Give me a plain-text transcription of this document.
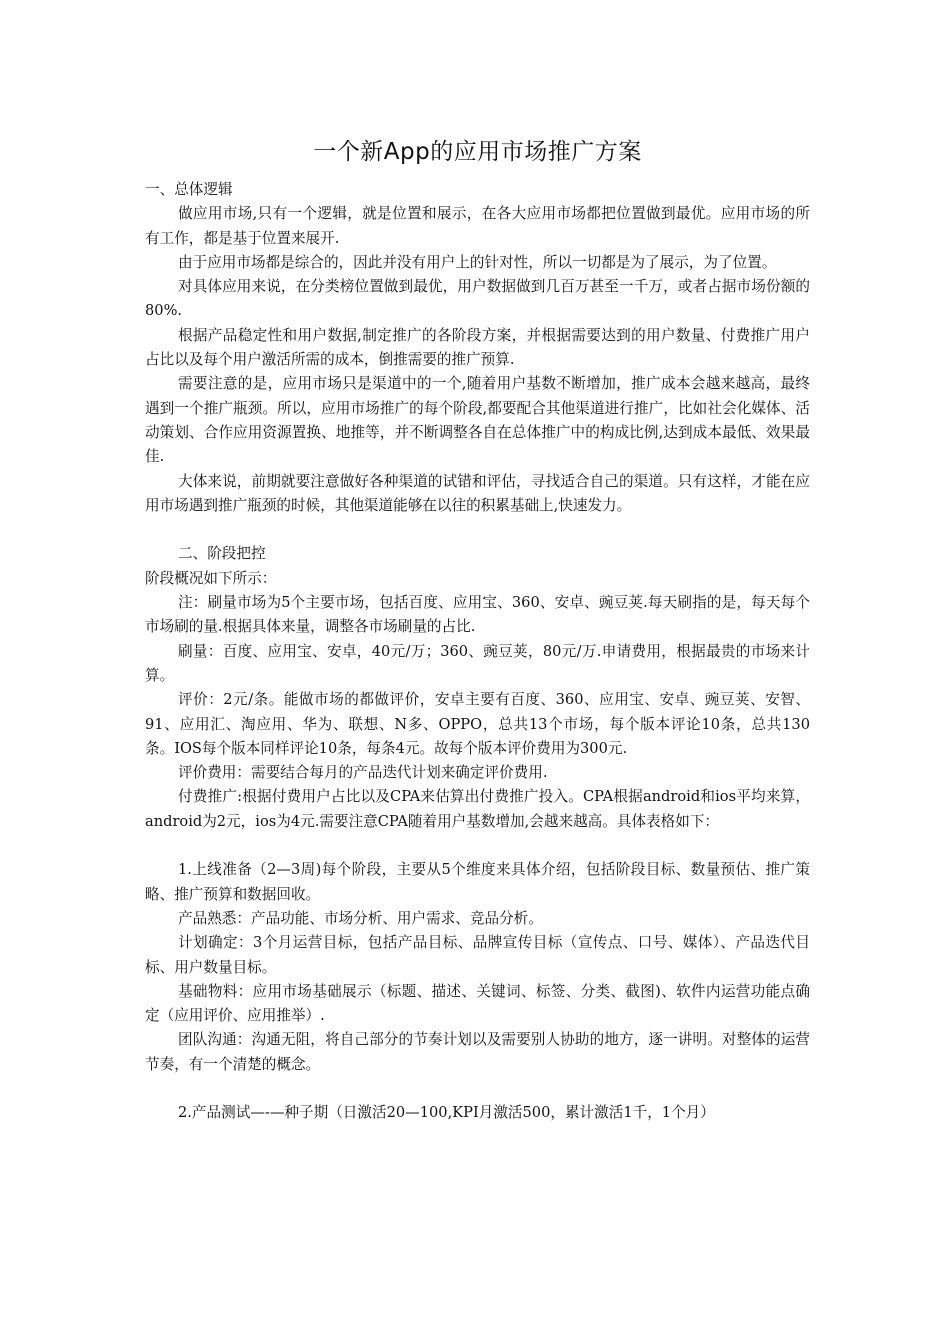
一个新App的应用市场推广方案

一、总体逻辑

做应用市场,只有一个逻辑，就是位置和展示，在各大应用市场都把位置做到最优。应用市场的所有工作，都是基于位置来展开.

由于应用市场都是综合的，因此并没有用户上的针对性，所以一切都是为了展示，为了位置。

对具体应用来说，在分类榜位置做到最优，用户数据做到几百万甚至一千万，或者占据市场份额的80%.

根据产品稳定性和用户数据,制定推广的各阶段方案，并根据需要达到的用户数量、付费推广用户占比以及每个用户激活所需的成本，倒推需要的推广预算.

需要注意的是，应用市场只是渠道中的一个,随着用户基数不断增加，推广成本会越来越高，最终遇到一个推广瓶颈。所以，应用市场推广的每个阶段,都要配合其他渠道进行推广，比如社会化媒体、活动策划、合作应用资源置换、地推等，并不断调整各自在总体推广中的构成比例,达到成本最低、效果最佳.

大体来说，前期就要注意做好各种渠道的试错和评估，寻找适合自己的渠道。只有这样，才能在应用市场遇到推广瓶颈的时候，其他渠道能够在以往的积累基础上,快速发力。

二、阶段把控

阶段概况如下所示：

注：刷量市场为5个主要市场，包括百度、应用宝、360、安卓、豌豆荚.每天刷指的是，每天每个市场刷的量.根据具体来量，调整各市场刷量的占比.

刷量：百度、应用宝、安卓，40元/万；360、豌豆荚，80元/万.申请费用，根据最贵的市场来计算。

评价：2元/条。能做市场的都做评价，安卓主要有百度、360、应用宝、安卓、豌豆荚、安智、91、应用汇、淘应用、华为、联想、N多、OPPO，总共13个市场，每个版本评论10条，总共130条。IOS每个版本同样评论10条，每条4元。故每个版本评价费用为300元.

评价费用：需要结合每月的产品迭代计划来确定评价费用.

付费推广:根据付费用户占比以及CPA来估算出付费推广投入。CPA根据android和ios平均来算，android为2元，ios为4元.需要注意CPA随着用户基数增加,会越来越高。具体表格如下：

1.上线准备（2—3周)每个阶段，主要从5个维度来具体介绍，包括阶段目标、数量预估、推广策略、推广预算和数据回收。

产品熟悉：产品功能、市场分析、用户需求、竞品分析。

计划确定：3个月运营目标，包括产品目标、品牌宣传目标（宣传点、口号、媒体）、产品迭代目标、用户数量目标。

基础物料：应用市场基础展示（标题、描述、关键词、标签、分类、截图)、软件内运营功能点确定（应用评价、应用推举）.

团队沟通：沟通无阻，将自己部分的节奏计划以及需要别人协助的地方，逐一讲明。对整体的运营节奏，有一个清楚的概念。

2.产品测试—-—种子期（日激活20—100,KPI月激活500，累计激活1千，1个月）
